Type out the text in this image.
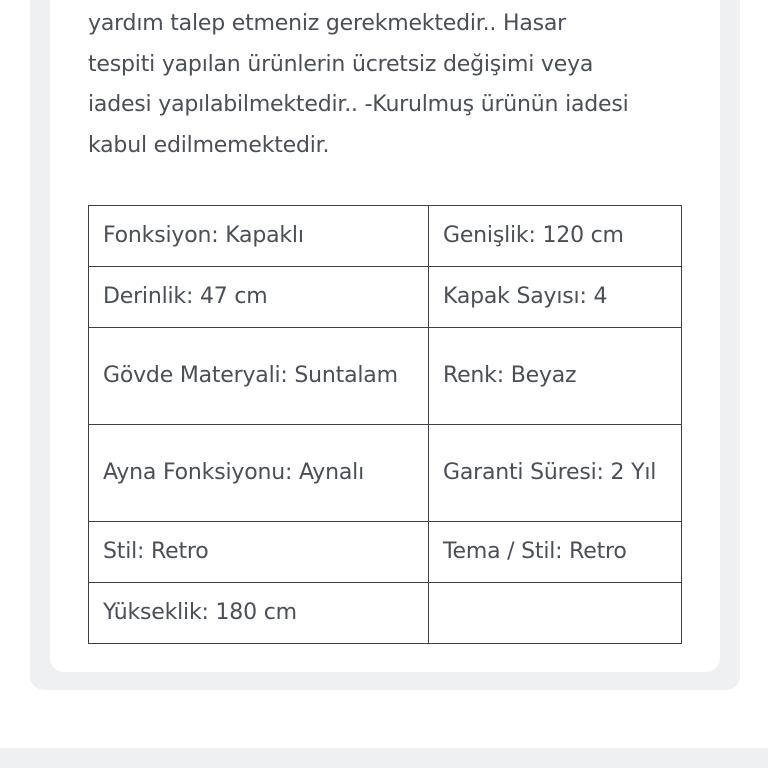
yardım talep etmeniz gerekmektedir.. Hasar
tespiti yapılan ürünlerin ücretsiz değişimi veya
iadesi yapılabilmektedir.. -Kurulmuş ürünün iadesi
kabul edilmemektedir.

Fonksiyon: Kapaklı	Genişlik: 120 cm
Derinlik: 47 cm	Kapak Sayısı: 4
Gövde Materyali: Suntalam	Renk: Beyaz
Ayna Fonksiyonu: Aynalı	Garanti Süresi: 2 Yıl
Stil: Retro	Tema / Stil: Retro
Yükseklik: 180 cm	
